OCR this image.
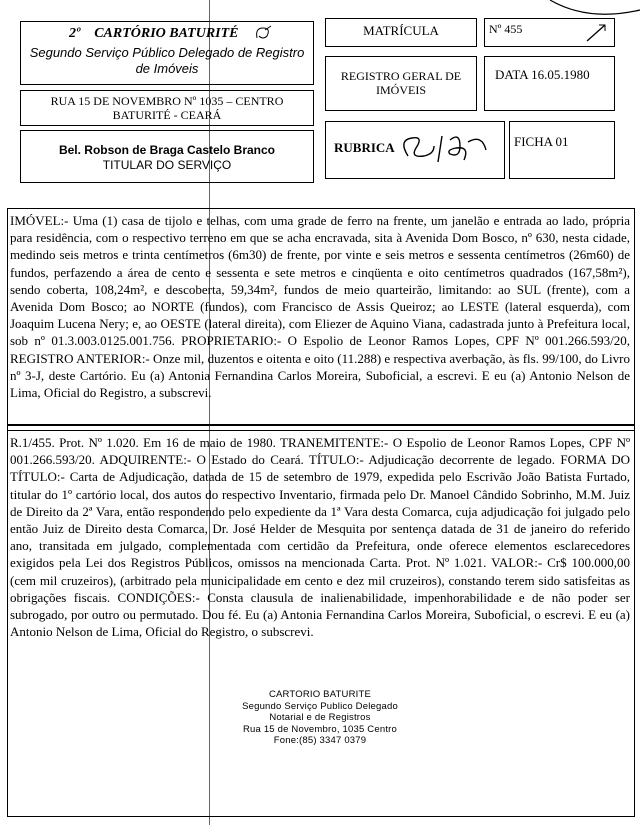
2º CARTÓRIO BATURITÉ
Segundo Serviço Público Delegado de Registro
de Imóveis
RUA 15 DE NOVEMBRO Nº 1035 – CENTRO
BATURITÉ - CEARÁ
Bel. Robson de Braga Castelo Branco
TITULAR DO SERVIÇO
MATRÍCULA	Nº 455
REGISTRO GERAL DE IMÓVEIS
DATA 16.05.1980
RUBRICA	FICHA 01

IMÓVEL:- Uma (1) casa de tijolo e telhas, com uma grade de ferro na frente, um janelão e entrada ao lado, própria para residência, com o respectivo terreno em que se acha encravada, sita à Avenida Dom Bosco, nº 630, nesta cidade, medindo seis metros e trinta centímetros (6m30) de frente, por vinte e seis metros e sessenta centímetros (26m60) de fundos, perfazendo a área de cento e sessenta e sete metros e cinqüenta e oito centímetros quadrados (167,58m²), sendo coberta, 108,24m², e descoberta, 59,34m², fundos de meio quarteirão, limitando: ao SUL (frente), com a Avenida Dom Bosco; ao NORTE (fundos), com Francisco de Assis Queiroz; ao LESTE (lateral esquerda), com Joaquim Lucena Nery; e, ao OESTE (lateral direita), com Eliezer de Aquino Viana, cadastrada junto à Prefeitura local, sob nº 01.3.003.0125.001.756. PROPRIETARIO:- O Espolio de Leonor Ramos Lopes, CPF Nº 001.266.593/20, REGISTRO ANTERIOR:- Onze mil, duzentos e oitenta e oito (11.288) e respectiva averbação, às fls. 99/100, do Livro nº 3-J, deste Cartório. Eu (a) Antonia Fernandina Carlos Moreira, Suboficial, a escrevi. E eu (a) Antonio Nelson de Lima, Oficial do Registro, a subscrevi.

R.1/455. Prot. Nº 1.020. Em 16 de maio de 1980. TRANEMITENTE:- O Espolio de Leonor Ramos Lopes, CPF Nº 001.266.593/20. ADQUIRENTE:- O Estado do Ceará. TÍTULO:- Adjudicação decorrente de legado. FORMA DO TÍTULO:- Carta de Adjudicação, datada de 15 de setembro de 1979, expedida pelo Escrivão João Batista Furtado, titular do 1º cartório local, dos autos do respectivo Inventario, firmada pelo Dr. Manoel Cândido Sobrinho, M.M. Juiz de Direito da 2ª Vara, então respondendo pelo expediente da 1ª Vara desta Comarca, cuja adjudicação foi julgado pelo então Juiz de Direito desta Comarca, Dr. José Helder de Mesquita por sentença datada de 31 de janeiro do referido ano, transitada em julgado, complementada com certidão da Prefeitura, onde oferece elementos esclarecedores exigidos pela Lei dos Registros Públicos, omissos na mencionada Carta. Prot. Nº 1.021. VALOR:- Cr$ 100.000,00 (cem mil cruzeiros), (arbitrado pela municipalidade em cento e dez mil cruzeiros), constando terem sido satisfeitas as obrigações fiscais. CONDIÇÕES:- Consta clausula de inalienabilidade, impenhorabilidade e de não poder ser subrogado, por outro ou permutado. Dou fé. Eu (a) Antonia Fernandina Carlos Moreira, Suboficial, o escrevi. E eu (a) Antonio Nelson de Lima, Oficial do Registro, o subscrevi.

CARTORIO BATURITE
Segundo Serviço Publico Delegado
Notarial e de Registros
Rua 15 de Novembro, 1035 Centro
Fone:(85) 3347 0379
